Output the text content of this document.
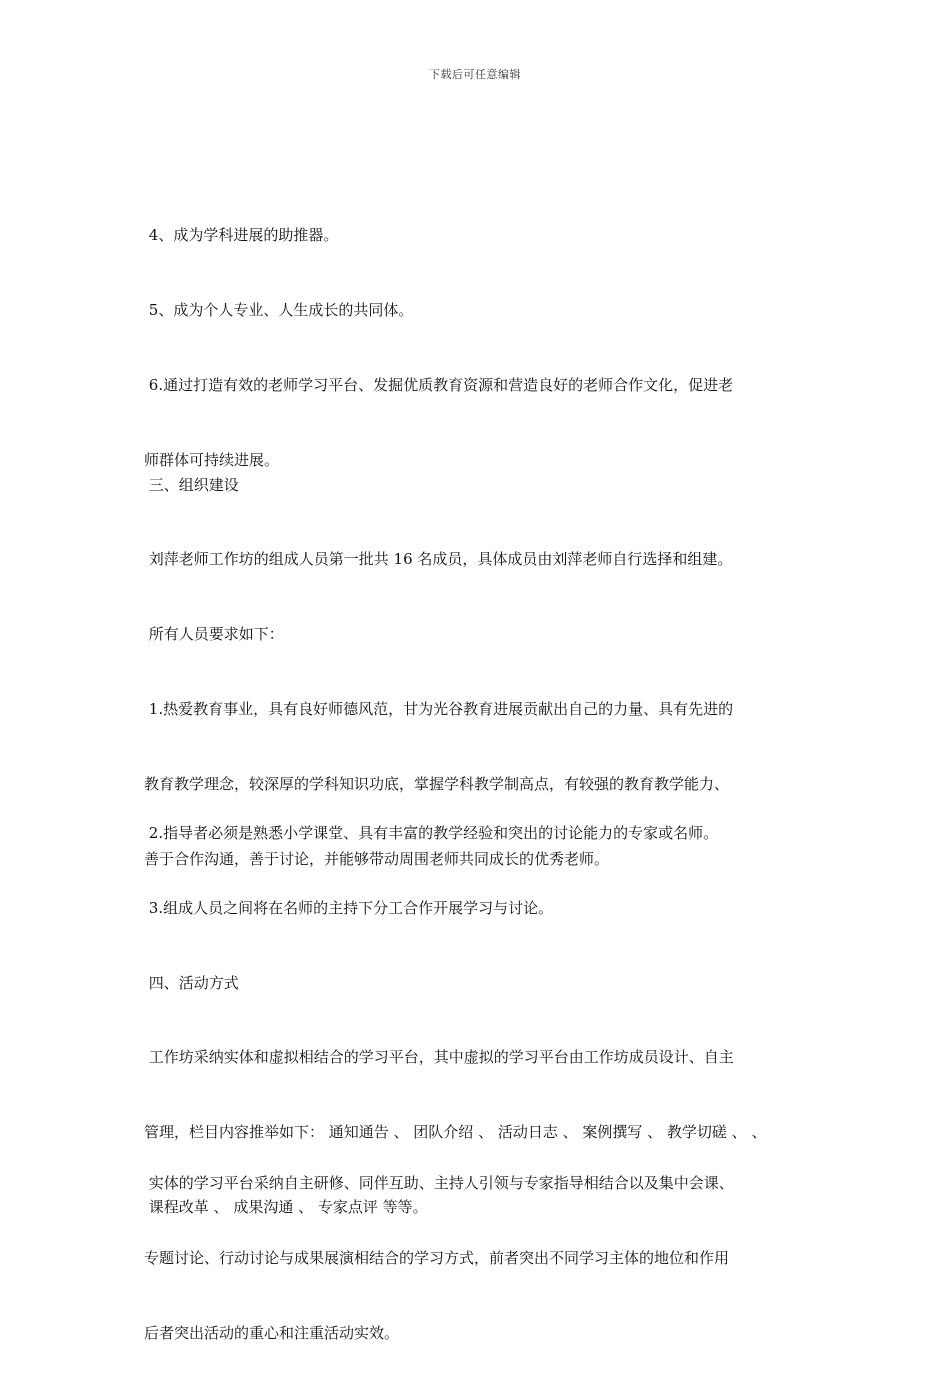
下载后可任意编辑

4、成为学科进展的助推器。

5、成为个人专业、人生成长的共同体。

6.通过打造有效的老师学习平台、发掘优质教育资源和营造良好的老师合作文化，促进老

师群体可持续进展。

三、组织建设

刘萍老师工作坊的组成人员第一批共 16 名成员，具体成员由刘萍老师自行选择和组建。

所有人员要求如下：

1.热爱教育事业，具有良好师德风范，甘为光谷教育进展贡献出自己的力量、具有先进的

教育教学理念，较深厚的学科知识功底，掌握学科教学制高点，有较强的教育教学能力、

善于合作沟通，善于讨论，并能够带动周围老师共同成长的优秀老师。

2.指导者必须是熟悉小学课堂、具有丰富的教学经验和突出的讨论能力的专家或名师。

3.组成人员之间将在名师的主持下分工合作开展学习与讨论。

四、活动方式

工作坊采纳实体和虚拟相结合的学习平台，其中虚拟的学习平台由工作坊成员设计、自主

管理，栏目内容推举如下： 通知通告 、 团队介绍 、 活动日志 、 案例撰写 、 教学切磋 、 、

课程改革 、 成果沟通 、 专家点评 等等。

实体的学习平台采纳自主研修、同伴互助、主持人引领与专家指导相结合以及集中会课、

专题讨论、行动讨论与成果展演相结合的学习方式，前者突出不同学习主体的地位和作用

后者突出活动的重心和注重活动实效。
